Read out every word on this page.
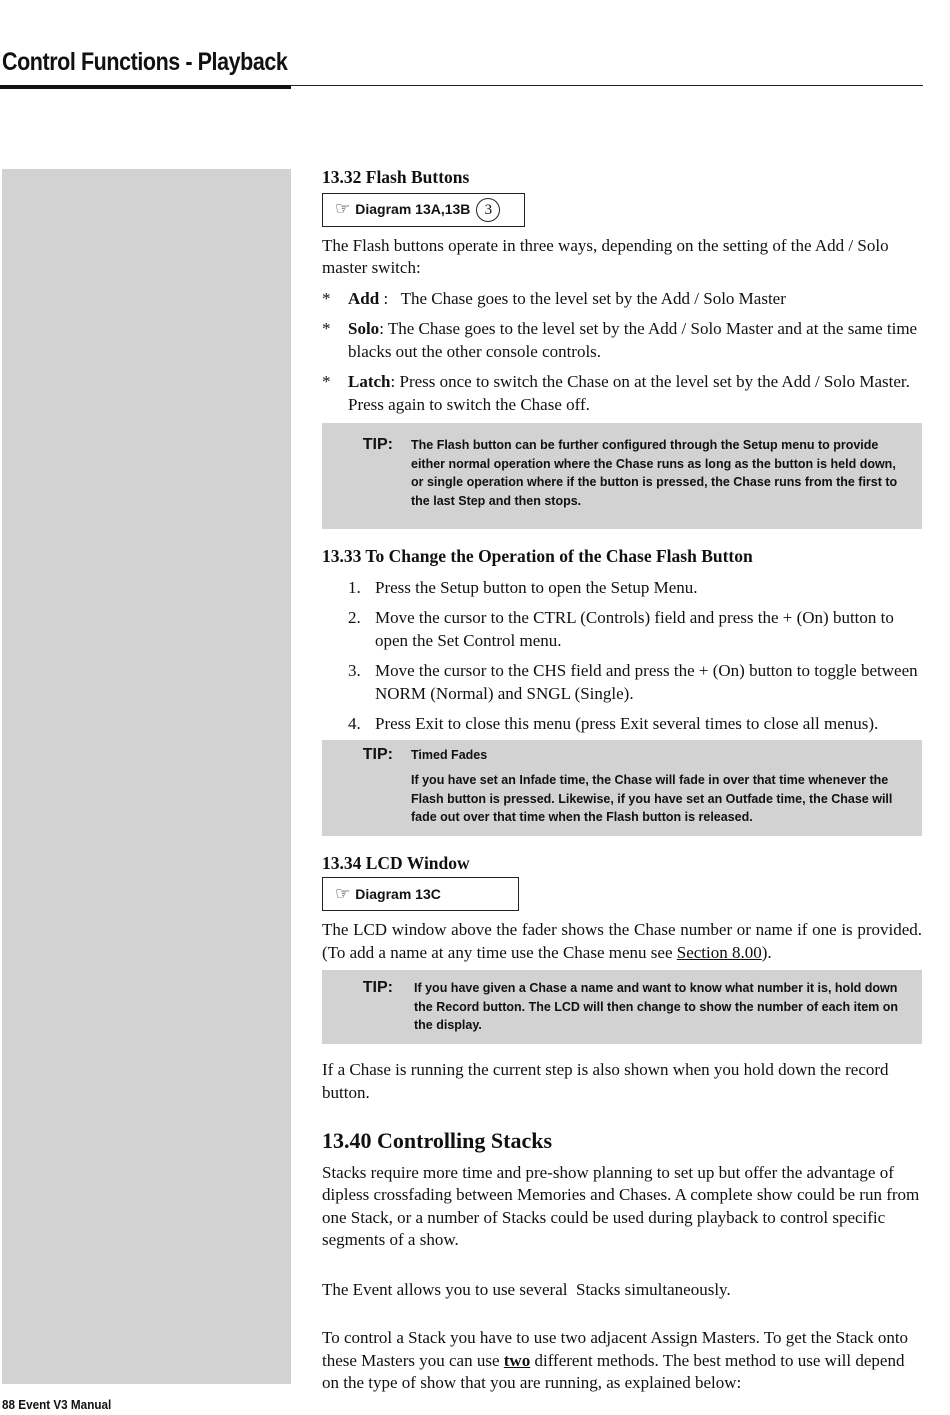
Control Functions - Playback
88 Event V3 Manual

13.32 Flash Buttons

☞ Diagram 13A,13B 3

The Flash buttons operate in three ways, depending on the setting of the Add / Solo master switch:

*	Add :   The Chase goes to the level set by the Add / Solo Master
*	Solo: The Chase goes to the level set by the Add / Solo Master and at the same time blacks out the other console controls.
*	Latch: Press once to switch the Chase on at the level set by the Add / Solo Master. Press again to switch the Chase off.
TIP:	The Flash button can be further configured through the Setup menu to provide either normal operation where the Chase runs as long as the button is held down, or single operation where if the button is pressed, the Chase runs from the first to the last Step and then stops.

13.33 To Change the Operation of the Chase Flash Button

1. Press the Setup button to open the Setup Menu.
2. Move the cursor to the CTRL (Controls) field and press the + (On) button to open the Set Control menu.
3. Move the cursor to the CHS field and press the + (On) button to toggle between NORM (Normal) and SNGL (Single).
4. Press Exit to close this menu (press Exit several times to close all menus).
TIP:	Timed Fades
If you have set an Infade time, the Chase will fade in over that time whenever the Flash button is pressed. Likewise, if you have set an Outfade time, the Chase will fade out over that time when the Flash button is released.

13.34 LCD Window

☞ Diagram 13C

The LCD window above the fader shows the Chase number or name if one is provided. (To add a name at any time use the Chase menu see Section 8.00).

TIP:	If you have given a Chase a name and want to know what number it is, hold down the Record button. The LCD will then change to show the number of each item on the display.

If a Chase is running the current step is also shown when you hold down the record button.

13.40 Controlling Stacks

Stacks require more time and pre-show planning to set up but offer the advantage of dipless crossfading between Memories and Chases. A complete show could be run from one Stack, or a number of Stacks could be used during playback to control specific segments of a show.

The Event allows you to use several  Stacks simultaneously.

To control a Stack you have to use two adjacent Assign Masters. To get the Stack onto these Masters you can use two different methods. The best method to use will depend on the type of show that you are running, as explained below:
